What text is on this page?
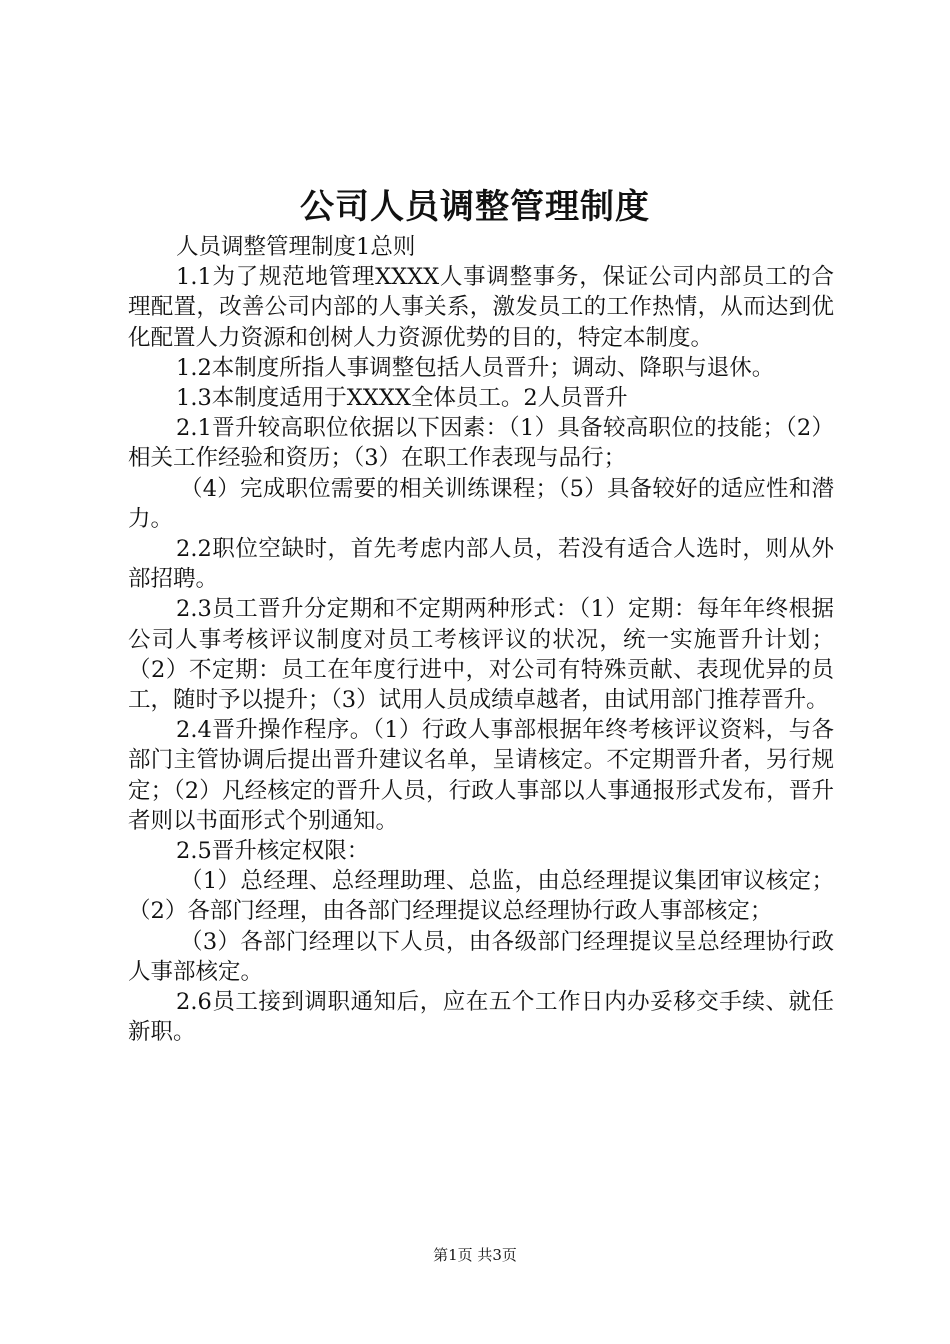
公司人员调整管理制度

人员调整管理制度1总则

1.1为了规范地管理XXXX人事调整事务，保证公司内部员工的合理配置，改善公司内部的人事关系，激发员工的工作热情，从而达到优化配置人力资源和创树人力资源优势的目的，特定本制度。

1.2本制度所指人事调整包括人员晋升；调动、降职与退休。

1.3本制度适用于XXXX全体员工。2人员晋升

2.1晋升较高职位依据以下因素：（1）具备较高职位的技能；（2）相关工作经验和资历；（3）在职工作表现与品行；

（4）完成职位需要的相关训练课程；（5）具备较好的适应性和潜力。

2.2职位空缺时，首先考虑内部人员，若没有适合人选时，则从外部招聘。

2.3员工晋升分定期和不定期两种形式：（1）定期：每年年终根据公司人事考核评议制度对员工考核评议的状况，统一实施晋升计划；（2）不定期：员工在年度行进中，对公司有特殊贡献、表现优异的员工，随时予以提升；（3）试用人员成绩卓越者，由试用部门推荐晋升。

2.4晋升操作程序。（1）行政人事部根据年终考核评议资料，与各部门主管协调后提出晋升建议名单，呈请核定。不定期晋升者，另行规定；（2）凡经核定的晋升人员，行政人事部以人事通报形式发布，晋升者则以书面形式个别通知。

2.5晋升核定权限：

（1）总经理、总经理助理、总监，由总经理提议集团审议核定；（2）各部门经理，由各部门经理提议总经理协行政人事部核定；

（3）各部门经理以下人员，由各级部门经理提议呈总经理协行政人事部核定。

2.6员工接到调职通知后，应在五个工作日内办妥移交手续、就任新职。

第1页 共3页
